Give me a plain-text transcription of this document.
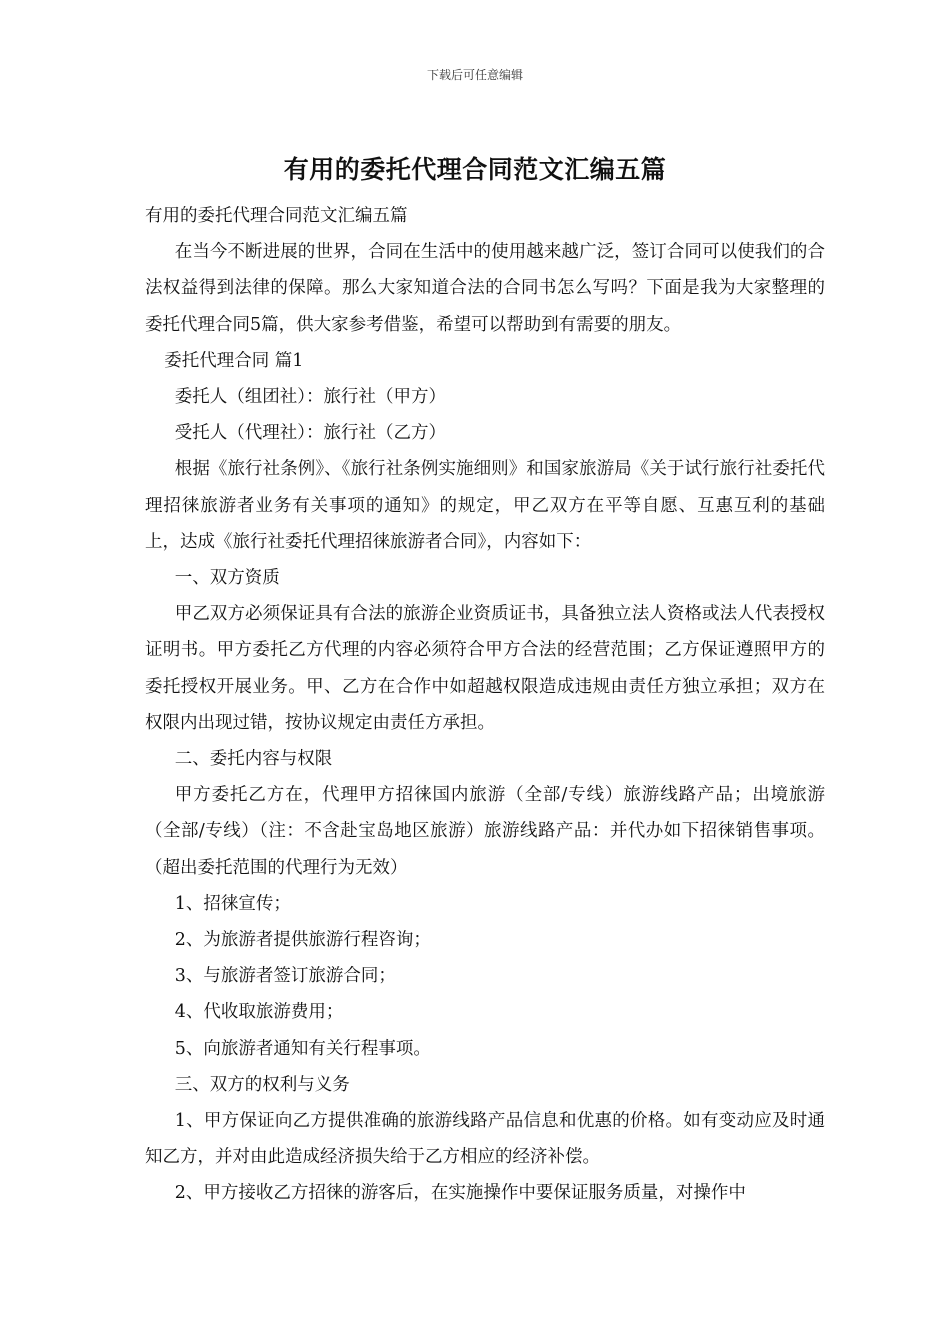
下载后可任意编辑
有用的委托代理合同范文汇编五篇

有用的委托代理合同范文汇编五篇

在当今不断进展的世界，合同在生活中的使用越来越广泛，签订合同可以使我们的合法权益得到法律的保障。那么大家知道合法的合同书怎么写吗？下面是我为大家整理的委托代理合同5篇，供大家参考借鉴，希望可以帮助到有需要的朋友。

委托代理合同 篇1

委托人（组团社）：旅行社（甲方）

受托人（代理社）：旅行社（乙方）

根据《旅行社条例》、《旅行社条例实施细则》和国家旅游局《关于试行旅行社委托代理招徕旅游者业务有关事项的通知》的规定，甲乙双方在平等自愿、互惠互利的基础上，达成《旅行社委托代理招徕旅游者合同》，内容如下：

一、双方资质

甲乙双方必须保证具有合法的旅游企业资质证书，具备独立法人资格或法人代表授权证明书。甲方委托乙方代理的内容必须符合甲方合法的经营范围；乙方保证遵照甲方的委托授权开展业务。甲、乙方在合作中如超越权限造成违规由责任方独立承担；双方在权限内出现过错，按协议规定由责任方承担。

二、委托内容与权限

甲方委托乙方在，代理甲方招徕国内旅游（全部/专线）旅游线路产品；出境旅游（全部/专线）（注：不含赴宝岛地区旅游）旅游线路产品：并代办如下招徕销售事项。（超出委托范围的代理行为无效）

1、招徕宣传；

2、为旅游者提供旅游行程咨询；

3、与旅游者签订旅游合同；

4、代收取旅游费用；

5、向旅游者通知有关行程事项。

三、双方的权利与义务

1、甲方保证向乙方提供准确的旅游线路产品信息和优惠的价格。如有变动应及时通知乙方，并对由此造成经济损失给于乙方相应的经济补偿。

2、甲方接收乙方招徕的游客后，在实施操作中要保证服务质量，对操作中
